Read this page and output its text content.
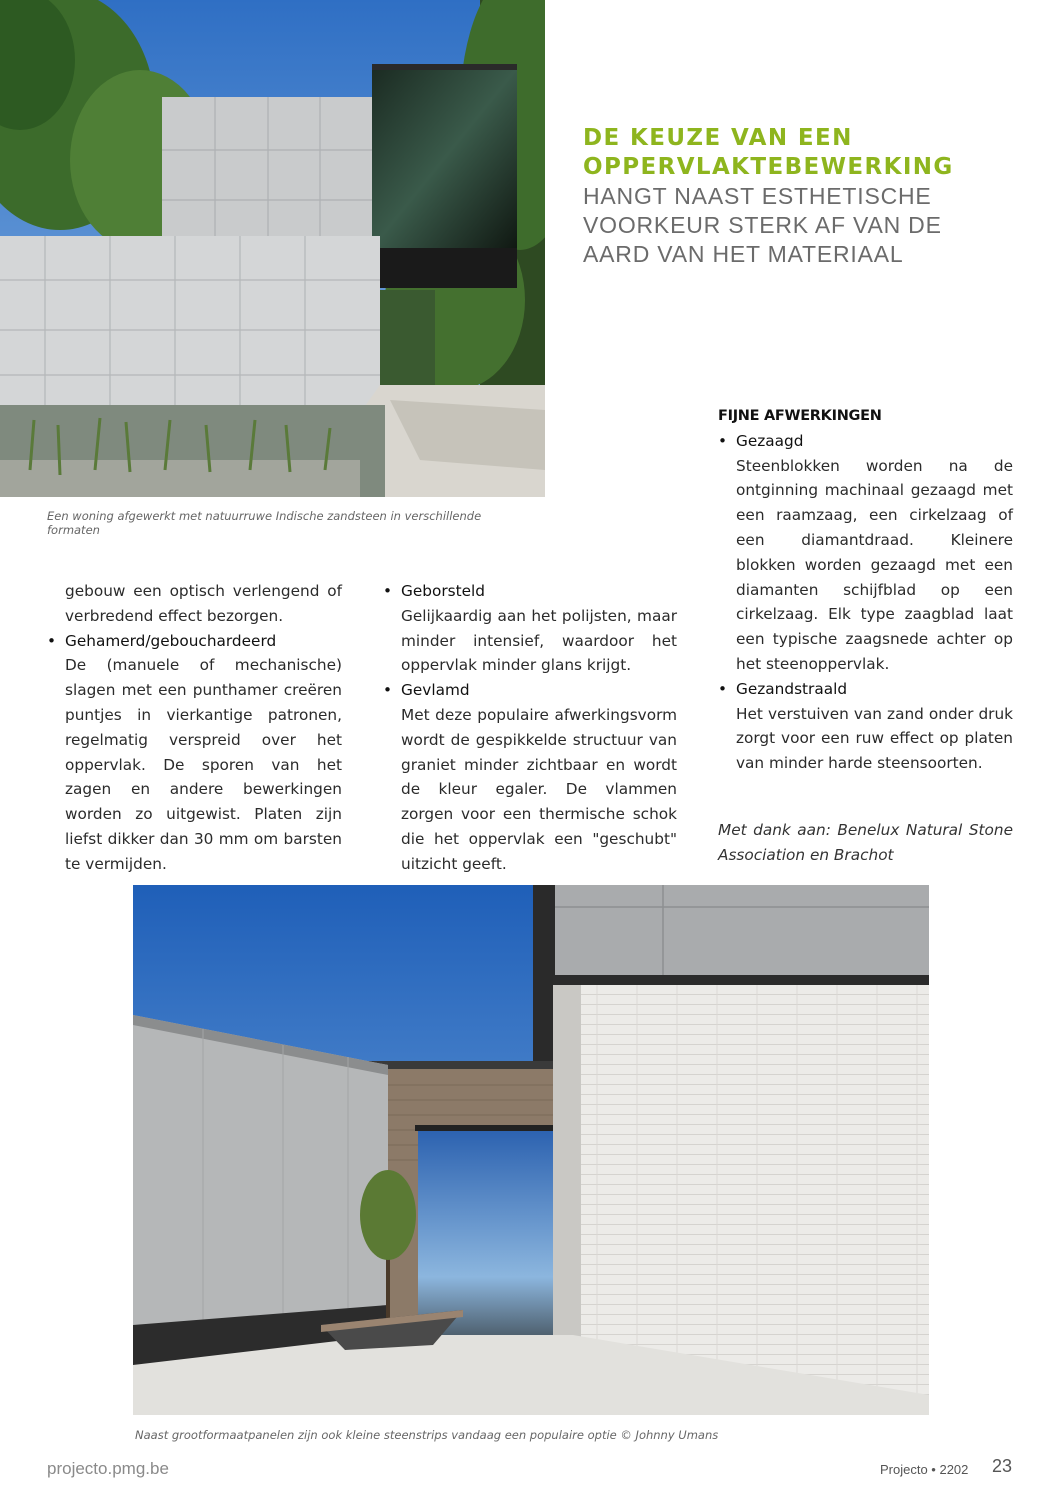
Een woning afgewerkt met natuurruwe Indische zandsteen in verschillende formaten
DE KEUZE VAN EEN
OPPERVLAKTEBEWERKING
HANGT NAAST ESTHETISCHE
VOORKEUR STERK AF VAN DE
AARD VAN HET MATERIAAL

gebouw een optisch verlengend of verbredend effect bezorgen.

• Gehamerd/gebouchardeerd

De (manuele of mechanische) slagen met een punthamer creëren puntjes in vierkantige patronen, regelmatig verspreid over het oppervlak. De sporen van het zagen en andere bewerkingen worden zo uitgewist. Platen zijn liefst dikker dan 30 mm om barsten te vermijden.

• Geborsteld

Gelijkaardig aan het polijsten, maar minder intensief, waardoor het oppervlak minder glans krijgt.

• Gevlamd

Met deze populaire afwerkingsvorm wordt de gespikkelde structuur van graniet minder zichtbaar en wordt de kleur egaler. De vlammen zorgen voor een thermische schok die het oppervlak een "geschubt" uitzicht geeft.

FIJNE AFWERKINGEN

• Gezaagd

Steenblokken worden na de ontginning machinaal gezaagd met een raamzaag, een cirkelzaag of een diamantdraad. Kleinere blokken worden gezaagd met een diamanten schijfblad op een cirkelzaag. Elk type zaagblad laat een typische zaagsnede achter op het steenoppervlak.

• Gezandstraald

Het verstuiven van zand onder druk zorgt voor een ruw effect op platen van minder harde steensoorten.

Met dank aan: Benelux Natural Stone Association en Brachot

Naast grootformaatpanelen zijn ook kleine steenstrips vandaag een populaire optie © Johnny Umans
projecto.pmg.be	Projecto • 2202 23
